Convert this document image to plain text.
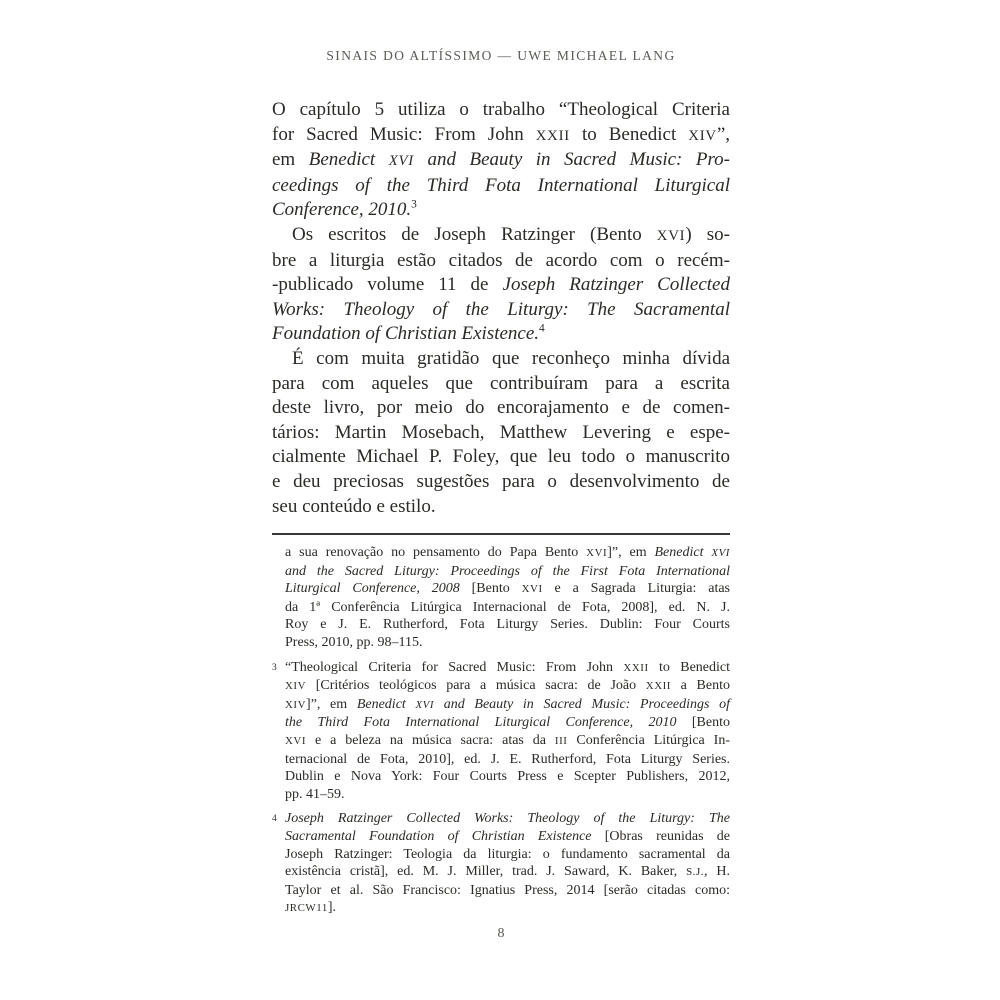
SINAIS DO ALTÍSSIMO — UWE MICHAEL LANG
O capítulo 5 utiliza o trabalho “Theological Criteria
for Sacred Music: From John XXII to Benedict XIV”,
em Benedict XVI and Beauty in Sacred Music: Pro-
ceedings of the Third Fota International Liturgical
Conference, 2010.$^3$
Os escritos de Joseph Ratzinger (Bento XVI) so-
bre a liturgia estão citados de acordo com o recém-
-publicado volume 11 de Joseph Ratzinger Collected
Works: Theology of the Liturgy: The Sacramental
Foundation of Christian Existence.$^4$
É com muita gratidão que reconheço minha dívida
para com aqueles que contribuíram para a escrita
deste livro, por meio do encorajamento e de comen-
tários: Martin Mosebach, Matthew Levering e espe-
cialmente Michael P. Foley, que leu todo o manuscrito
e deu preciosas sugestões para o desenvolvimento de
seu conteúdo e estilo.
a sua renovação no pensamento do Papa Bento XVI]”, em Benedict XVI
and the Sacred Liturgy: Proceedings of the First Fota International
Liturgical Conference, 2008 [Bento XVI e a Sagrada Liturgia: atas
da 1ª Conferência Litúrgica Internacional de Fota, 2008], ed. N. J.
Roy e J. E. Rutherford, Fota Liturgy Series. Dublin: Four Courts
Press, 2010, pp. 98–115.
3 “Theological Criteria for Sacred Music: From John XXII to Benedict
XIV [Critérios teológicos para a música sacra: de João XXII a Bento
XIV]”, em Benedict XVI and Beauty in Sacred Music: Proceedings of
the Third Fota International Liturgical Conference, 2010 [Bento
XVI e a beleza na música sacra: atas da III Conferência Litúrgica In-
ternacional de Fota, 2010], ed. J. E. Rutherford, Fota Liturgy Series.
Dublin e Nova York: Four Courts Press e Scepter Publishers, 2012,
pp. 41–59.
4 Joseph Ratzinger Collected Works: Theology of the Liturgy: The
Sacramental Foundation of Christian Existence [Obras reunidas de
Joseph Ratzinger: Teologia da liturgia: o fundamento sacramental da
existência cristã], ed. M. J. Miller, trad. J. Saward, K. Baker, S.J., H.
Taylor et al. São Francisco: Ignatius Press, 2014 [serão citadas como:
JRCW11].
8
